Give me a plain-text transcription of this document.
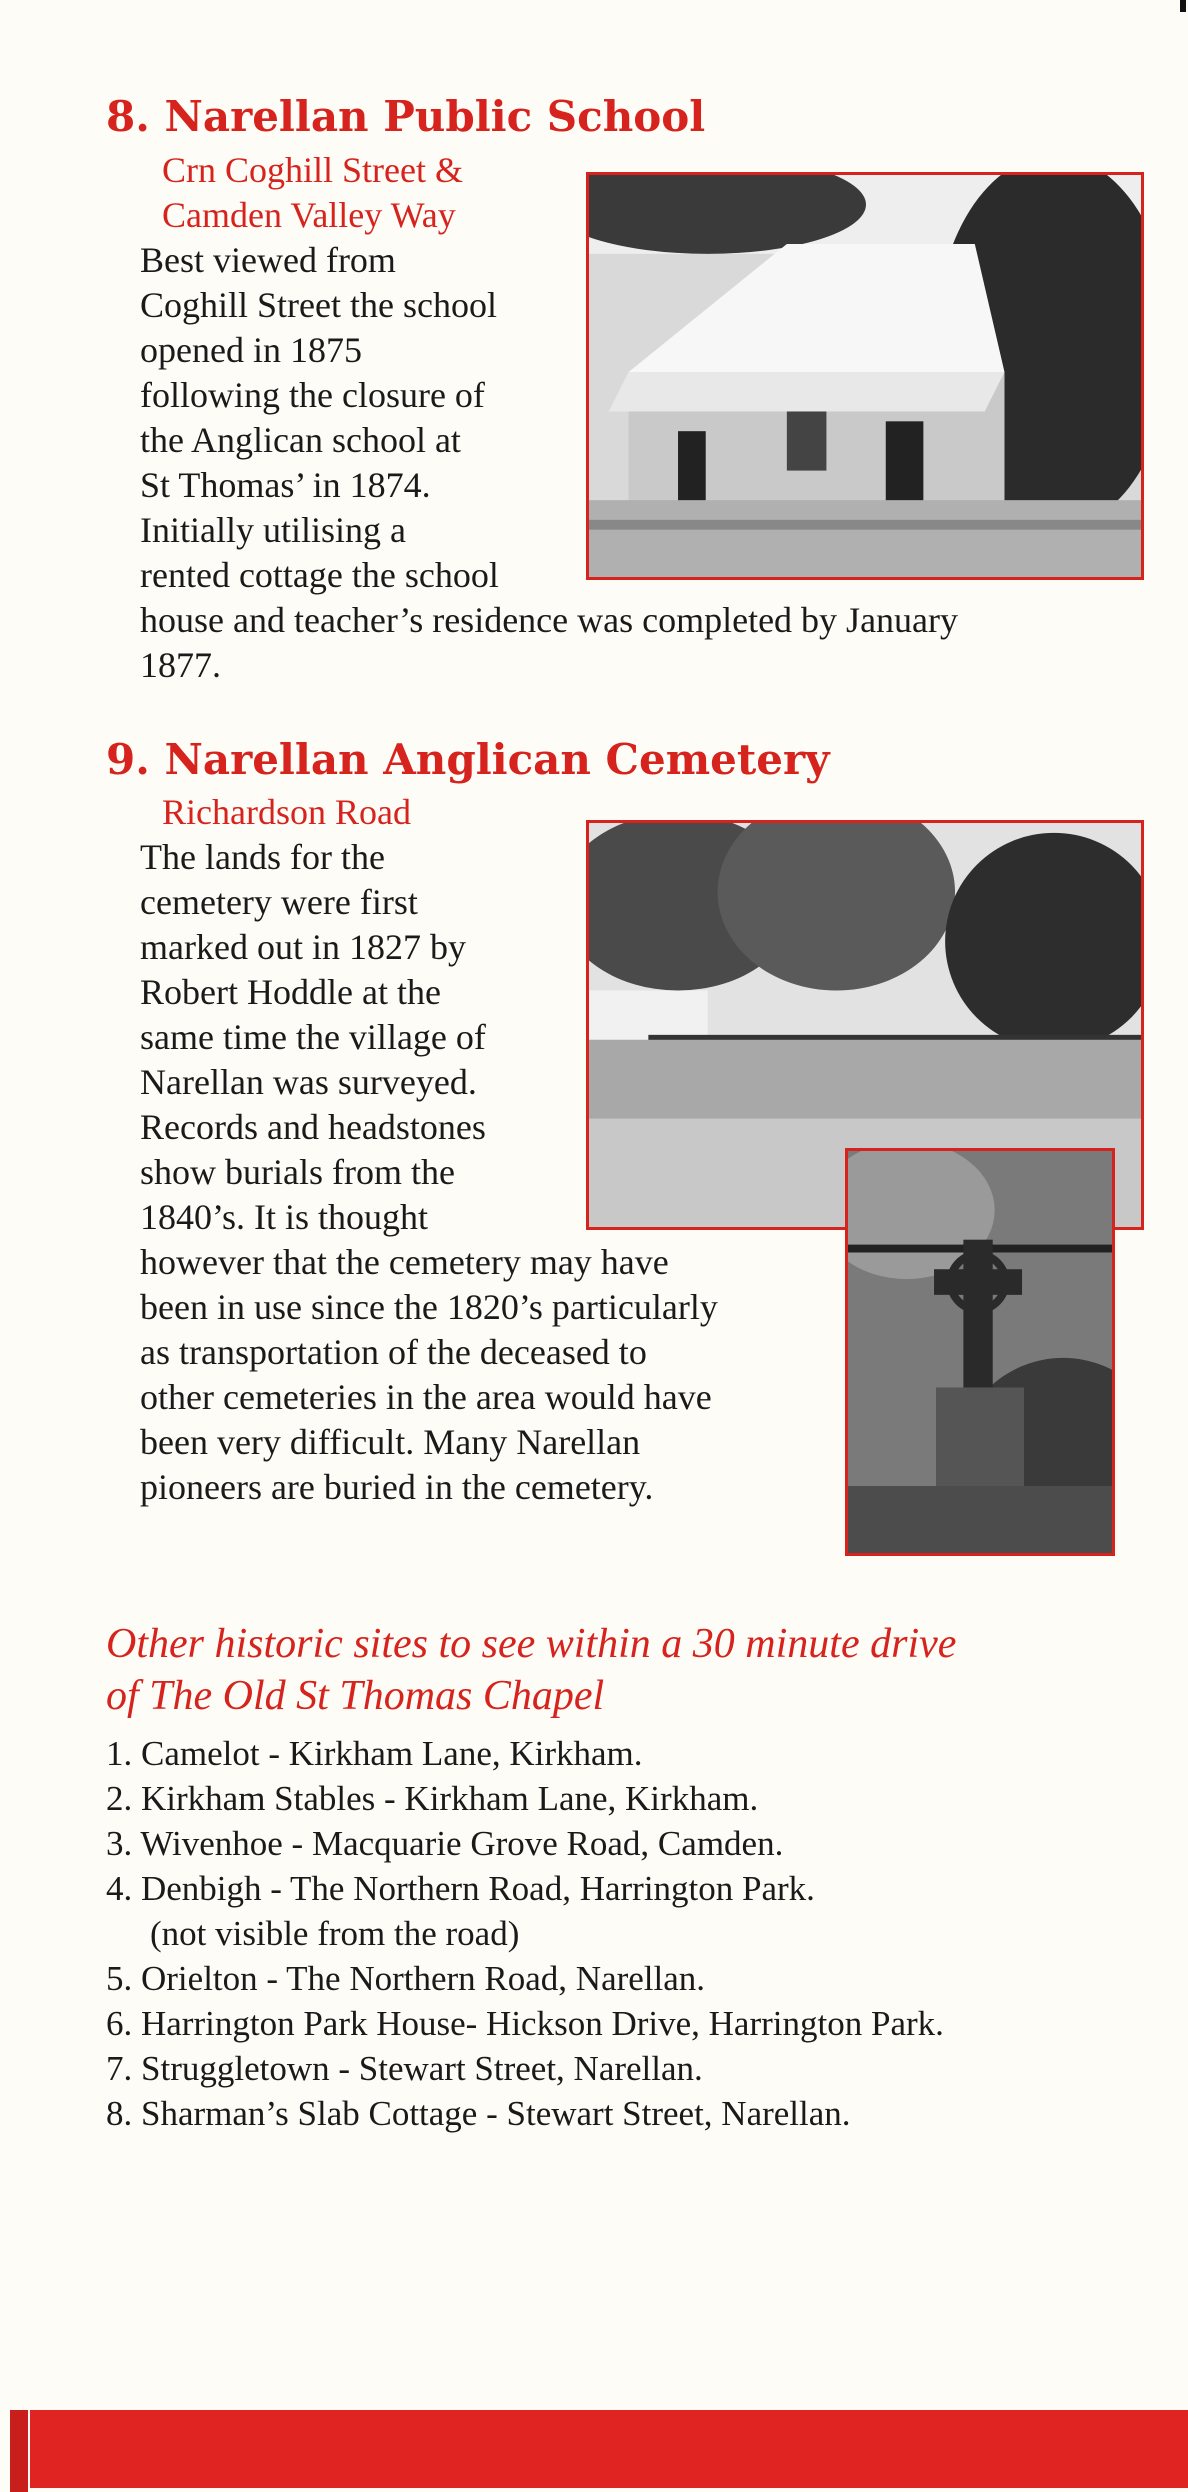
8. Narellan Public School
Crn Coghill Street &
Camden Valley Way
Best viewed from
Coghill Street the school
opened in 1875
following the closure of
the Anglican school at
St Thomas’ in 1874.
Initially utilising a
rented cottage the school
house and teacher’s residence was completed by January
1877.
9. Narellan Anglican Cemetery
Richardson Road
The lands for the
cemetery were first
marked out in 1827 by
Robert Hoddle at the
same time the village of
Narellan was surveyed.
Records and headstones
show burials from the
1840’s. It is thought
however that the cemetery may have
been in use since the 1820’s particularly
as transportation of the deceased to
other cemeteries in the area would have
been very difficult. Many Narellan
pioneers are buried in the cemetery.
Other historic sites to see within a 30 minute drive
of The Old St Thomas Chapel
1. Camelot - Kirkham Lane, Kirkham.
2. Kirkham Stables - Kirkham Lane, Kirkham.
3. Wivenhoe - Macquarie Grove Road, Camden.
4. Denbigh - The Northern Road, Harrington Park.
(not visible from the road)
5. Orielton - The Northern Road, Narellan.
6. Harrington Park House- Hickson Drive, Harrington Park.
7. Struggletown - Stewart Street, Narellan.
8. Sharman’s Slab Cottage - Stewart Street, Narellan.
